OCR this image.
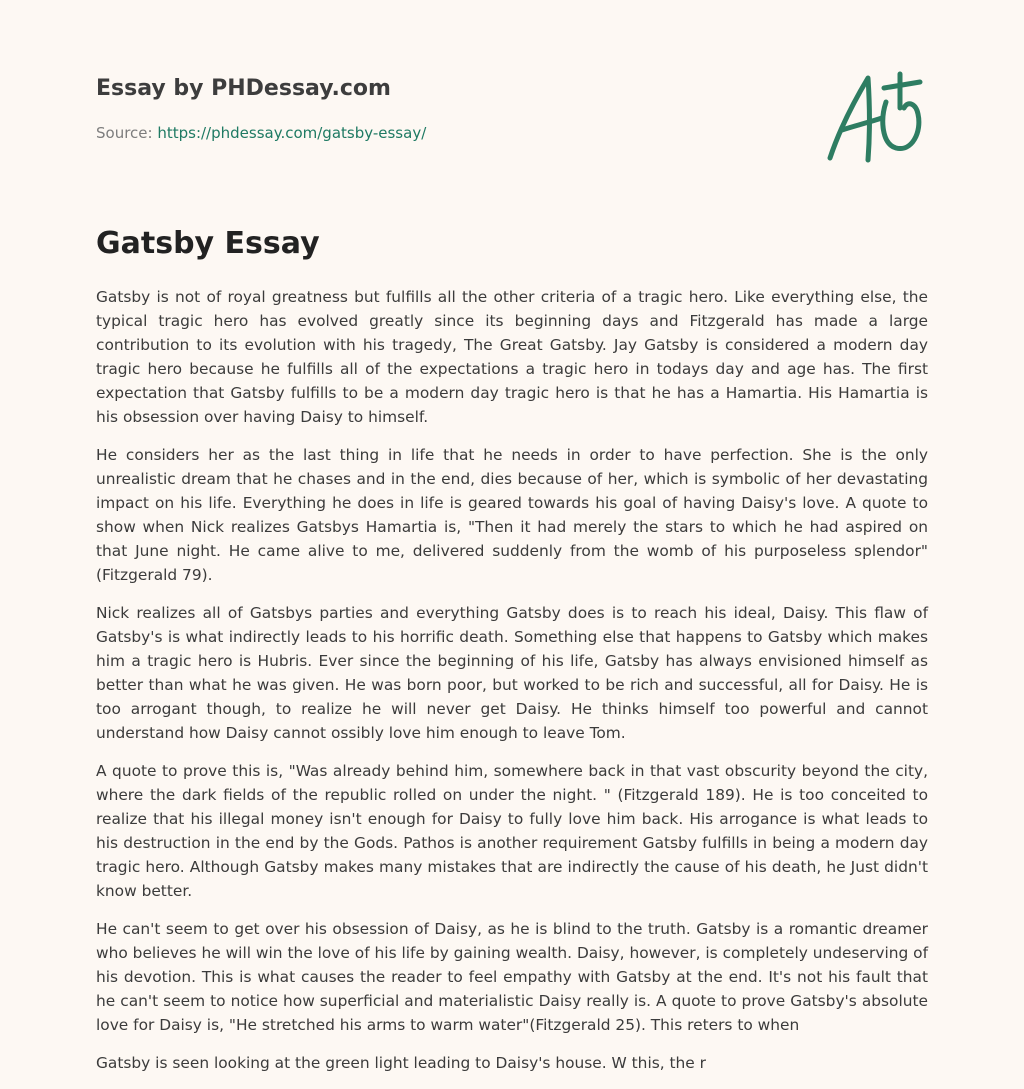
Essay by PHDessay.com

Source: https://phdessay.com/gatsby-essay/

Gatsby Essay

Gatsby is not of royal greatness but fulfills all the other criteria of a tragic hero. Like everything else, the typical tragic hero has evolved greatly since its beginning days and Fitzgerald has made a large contribution to its evolution with his tragedy, The Great Gatsby. Jay Gatsby is considered a modern day tragic hero because he fulfills all of the expectations a tragic hero in todays day and age has. The first expectation that Gatsby fulfills to be a modern day tragic hero is that he has a Hamartia. His Hamartia is his obsession over having Daisy to himself.

He considers her as the last thing in life that he needs in order to have perfection. She is the only unrealistic dream that he chases and in the end, dies because of her, which is symbolic of her devastating impact on his life. Everything he does in life is geared towards his goal of having Daisy's love. A quote to show when Nick realizes Gatsbys Hamartia is, "Then it had merely the stars to which he had aspired on that June night. He came alive to me, delivered suddenly from the womb of his purposeless splendor" (Fitzgerald 79).

Nick realizes all of Gatsbys parties and everything Gatsby does is to reach his ideal, Daisy. This flaw of Gatsby's is what indirectly leads to his horrific death. Something else that happens to Gatsby which makes him a tragic hero is Hubris. Ever since the beginning of his life, Gatsby has always envisioned himself as better than what he was given. He was born poor, but worked to be rich and successful, all for Daisy. He is too arrogant though, to realize he will never get Daisy. He thinks himself too powerful and cannot understand how Daisy cannot ossibly love him enough to leave Tom.

A quote to prove this is, "Was already behind him, somewhere back in that vast obscurity beyond the city, where the dark fields of the republic rolled on under the night. " (Fitzgerald 189). He is too conceited to realize that his illegal money isn't enough for Daisy to fully love him back. His arrogance is what leads to his destruction in the end by the Gods. Pathos is another requirement Gatsby fulfills in being a modern day tragic hero. Although Gatsby makes many mistakes that are indirectly the cause of his death, he Just didn't know better.

He can't seem to get over his obsession of Daisy, as he is blind to the truth. Gatsby is a romantic dreamer who believes he will win the love of his life by gaining wealth. Daisy, however, is completely undeserving of his devotion. This is what causes the reader to feel empathy with Gatsby at the end. It's not his fault that he can't seem to notice how superficial and materialistic Daisy really is. A quote to prove Gatsby's absolute love for Daisy is, "He stretched his arms to warm water"(Fitzgerald 25). This reters to when

Gatsby is seen looking at the green light leading to Daisy's house. W this, the r
